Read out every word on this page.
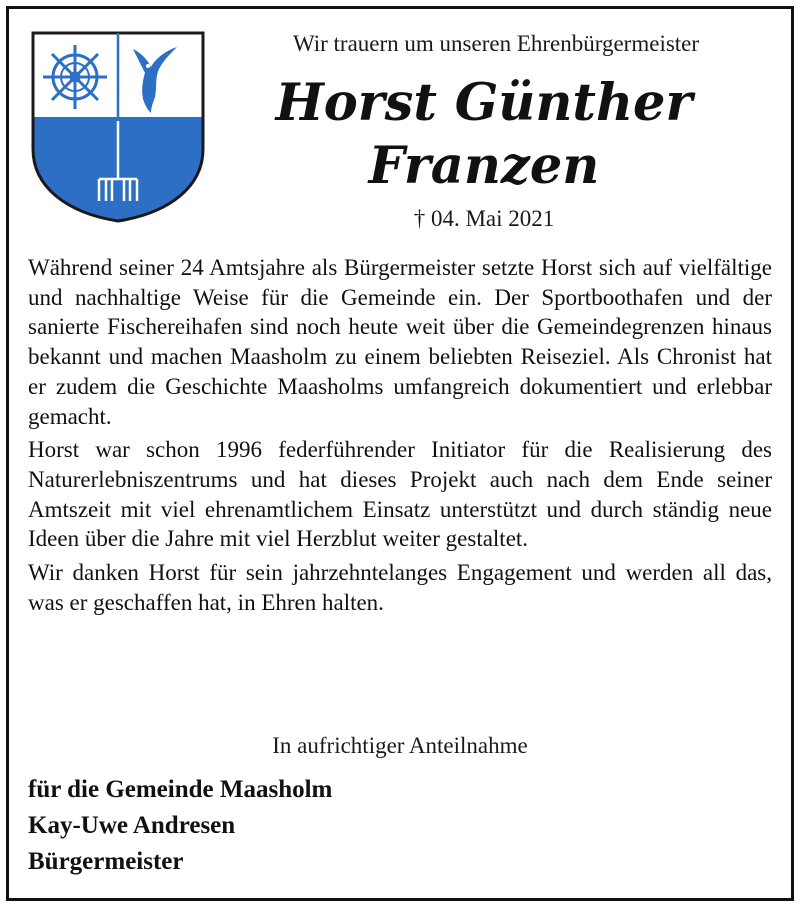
Wir trauern um unseren Ehrenbürgermeister
Horst Günther
Franzen
† 04. Mai 2021

Während seiner 24 Amtsjahre als Bürgermeister setzte Horst sich auf vielfältige und nachhaltige Weise für die Gemeinde ein. Der Sportboothafen und der sanierte Fischereihafen sind noch heute weit über die Gemeindegrenzen hinaus bekannt und machen Maasholm zu einem beliebten Reiseziel. Als Chronist hat er zudem die Geschichte Maasholms umfangreich dokumentiert und erlebbar gemacht.

Horst war schon 1996 federführender Initiator für die Realisierung des Naturerlebniszentrums und hat dieses Projekt auch nach dem Ende seiner Amtszeit mit viel ehrenamtlichem Einsatz unterstützt und durch ständig neue Ideen über die Jahre mit viel Herzblut weiter gestaltet.

Wir danken Horst für sein jahrzehntelanges Engagement und werden all das, was er geschaffen hat, in Ehren halten.

In aufrichtiger Anteilnahme
für die Gemeinde Maasholm
Kay-Uwe Andresen
Bürgermeister
